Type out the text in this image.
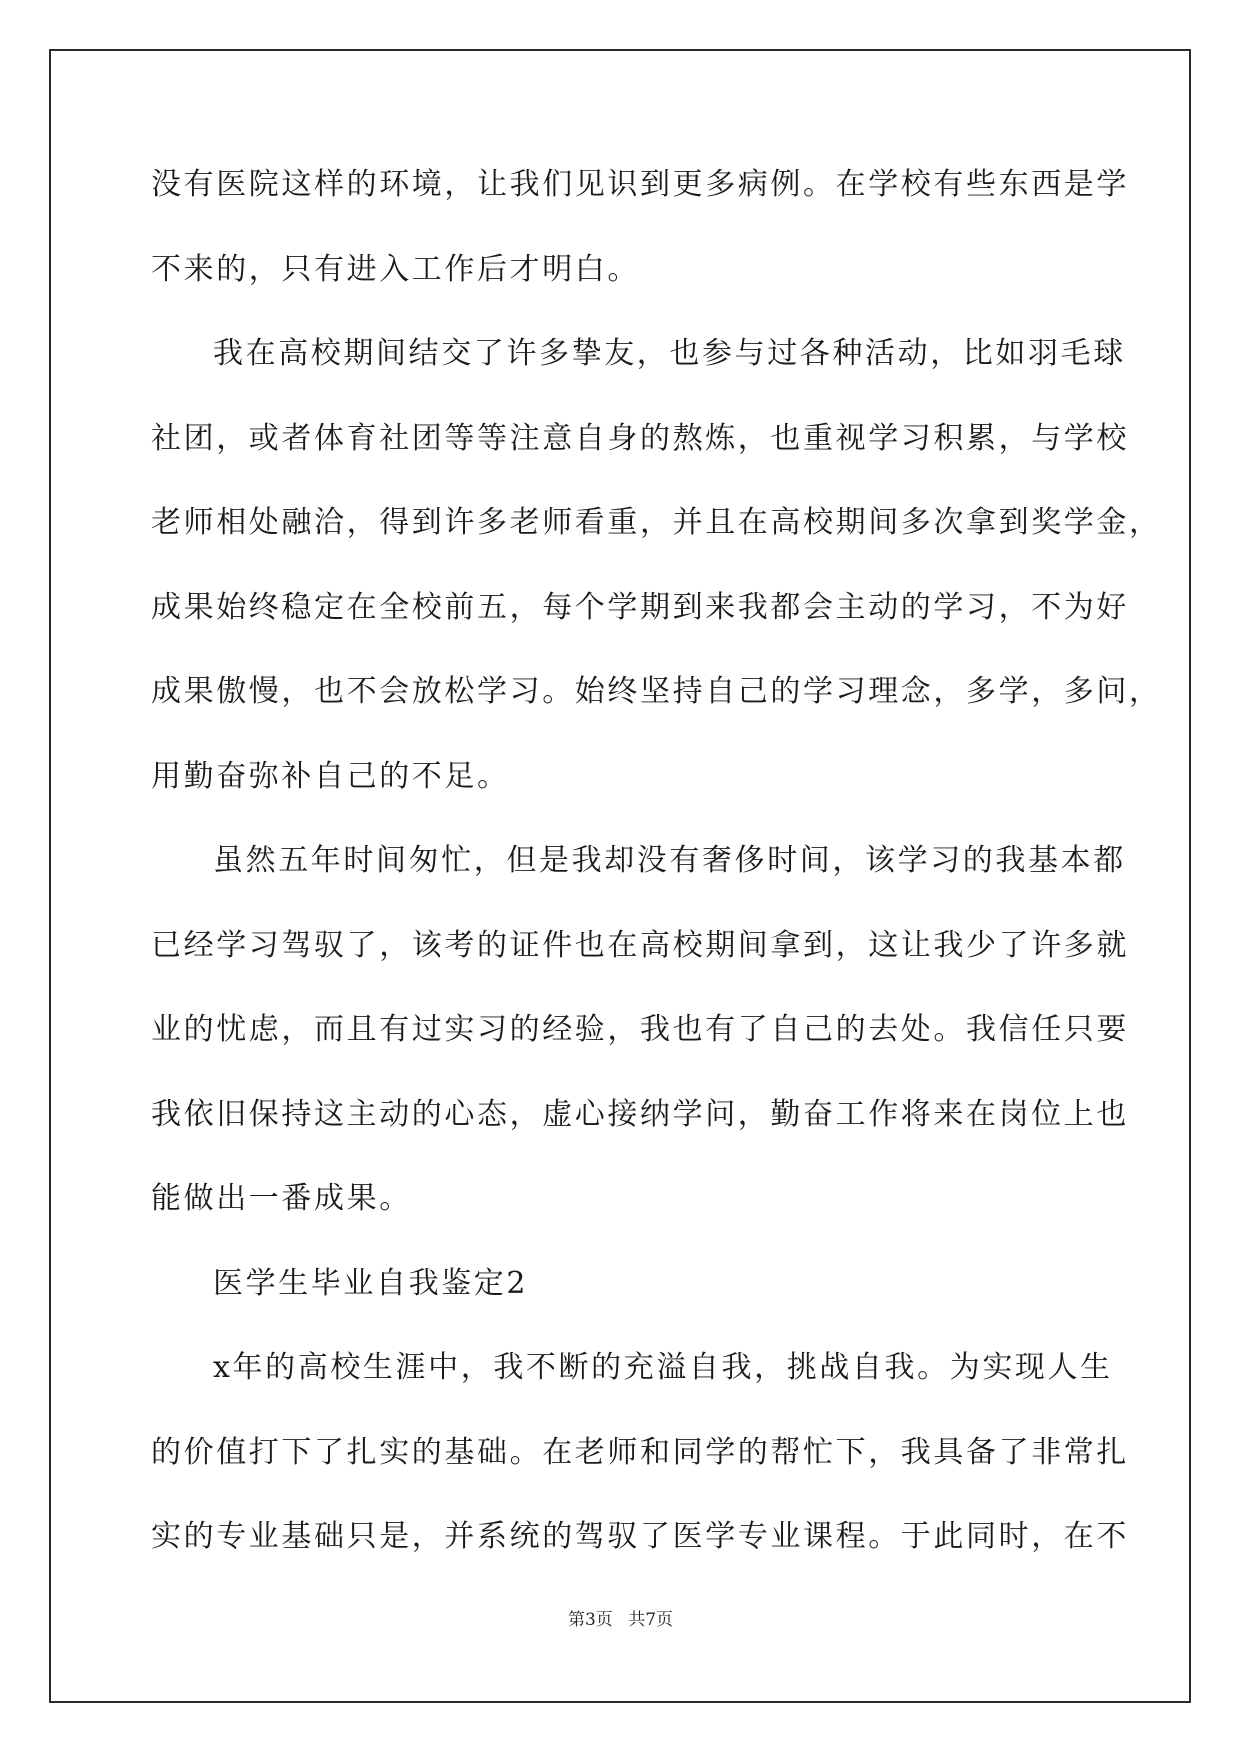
没有医院这样的环境，让我们见识到更多病例。在学校有些东西是学
不来的，只有进入工作后才明白。
我在高校期间结交了许多挚友，也参与过各种活动，比如羽毛球
社团，或者体育社团等等注意自身的熬炼，也重视学习积累，与学校
老师相处融洽，得到许多老师看重，并且在高校期间多次拿到奖学金，
成果始终稳定在全校前五，每个学期到来我都会主动的学习，不为好
成果傲慢，也不会放松学习。始终坚持自己的学习理念，多学，多问，
用勤奋弥补自己的不足。
虽然五年时间匆忙，但是我却没有奢侈时间，该学习的我基本都
已经学习驾驭了，该考的证件也在高校期间拿到，这让我少了许多就
业的忧虑，而且有过实习的经验，我也有了自己的去处。我信任只要
我依旧保持这主动的心态，虚心接纳学问，勤奋工作将来在岗位上也
能做出一番成果。
医学生毕业自我鉴定2
x年的高校生涯中，我不断的充溢自我，挑战自我。为实现人生
的价值打下了扎实的基础。在老师和同学的帮忙下，我具备了非常扎
实的专业基础只是，并系统的驾驭了医学专业课程。于此同时，在不
第3页 共7页
